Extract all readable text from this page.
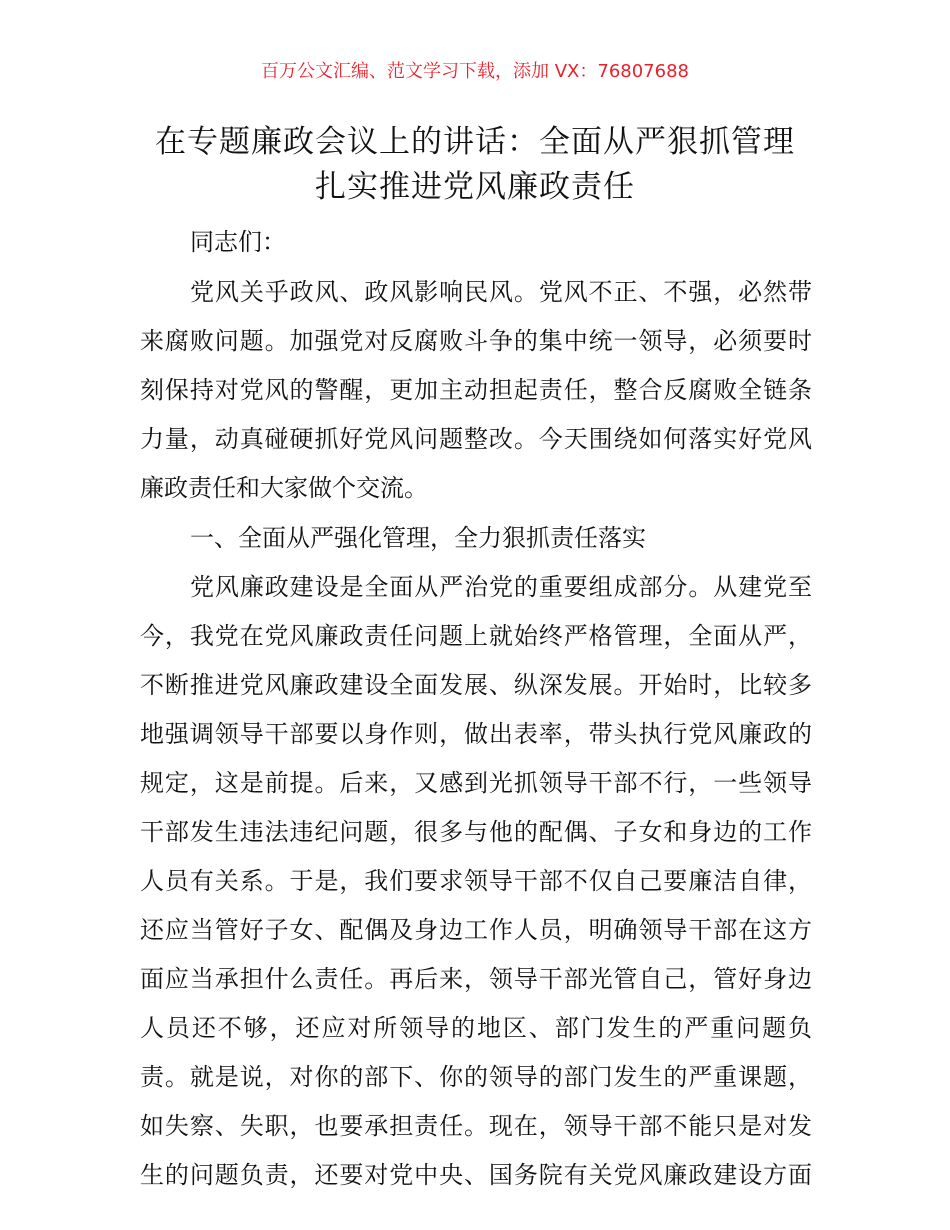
百万公文汇编、范文学习下载，添加 VX：76807688
在专题廉政会议上的讲话：全面从严狠抓管理
扎实推进党风廉政责任
同志们：
党风关乎政风、政风影响民风。党风不正、不强，必然带
来腐败问题。加强党对反腐败斗争的集中统一领导，必须要时
刻保持对党风的警醒，更加主动担起责任，整合反腐败全链条
力量，动真碰硬抓好党风问题整改。今天围绕如何落实好党风
廉政责任和大家做个交流。
一、全面从严强化管理，全力狠抓责任落实
党风廉政建设是全面从严治党的重要组成部分。从建党至
今，我党在党风廉政责任问题上就始终严格管理，全面从严，
不断推进党风廉政建设全面发展、纵深发展。开始时，比较多
地强调领导干部要以身作则，做出表率，带头执行党风廉政的
规定，这是前提。后来，又感到光抓领导干部不行，一些领导
干部发生违法违纪问题，很多与他的配偶、子女和身边的工作
人员有关系。于是，我们要求领导干部不仅自己要廉洁自律，
还应当管好子女、配偶及身边工作人员，明确领导干部在这方
面应当承担什么责任。再后来，领导干部光管自己，管好身边
人员还不够，还应对所领导的地区、部门发生的严重问题负
责。就是说，对你的部下、你的领导的部门发生的严重课题，
如失察、失职，也要承担责任。现在，领导干部不能只是对发
生的问题负责，还要对党中央、国务院有关党风廉政建设方面
